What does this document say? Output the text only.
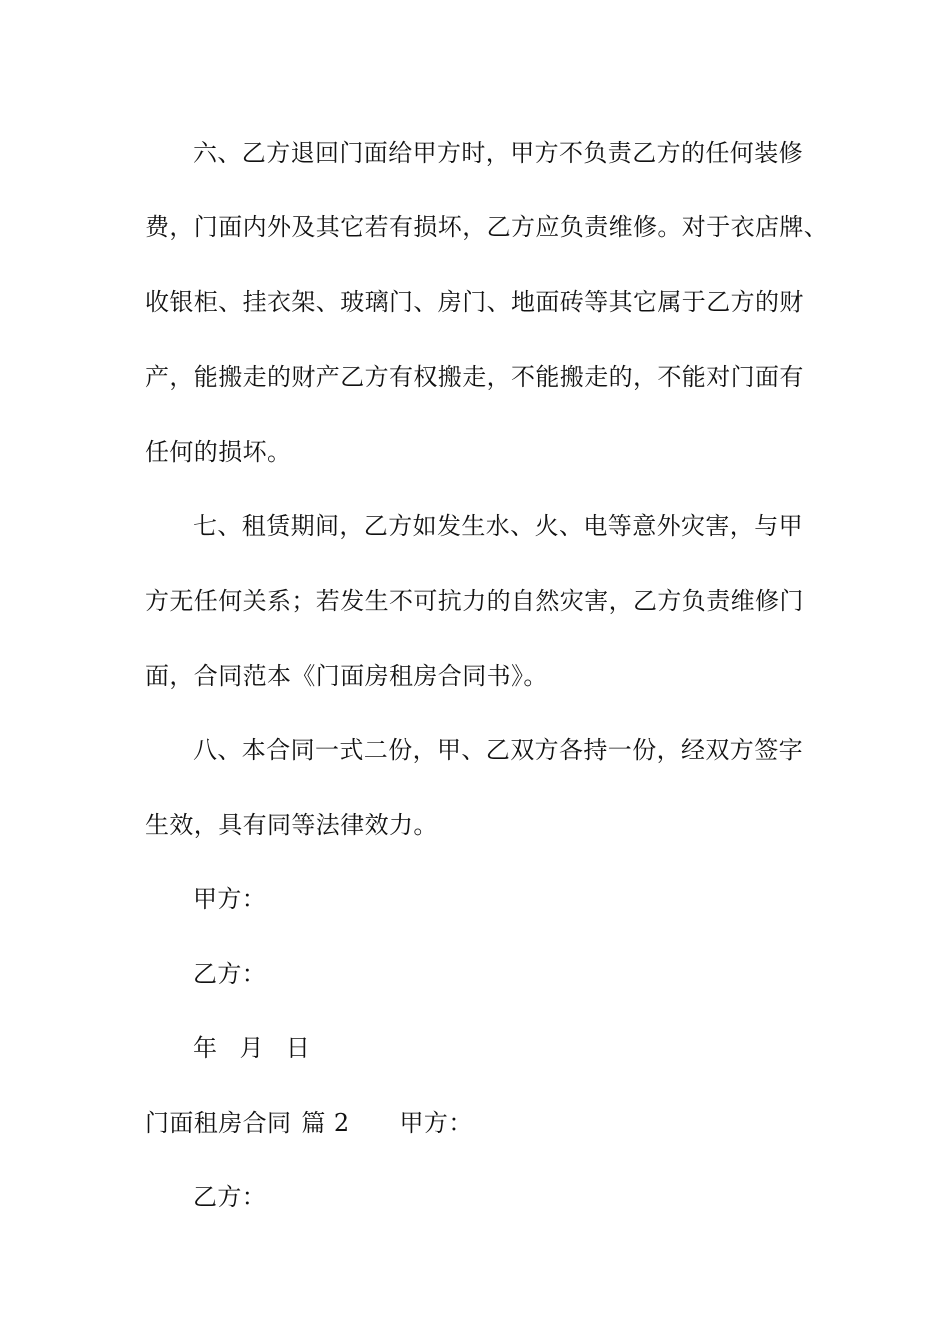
六、乙方退回门面给甲方时，甲方不负责乙方的任何装修
费，门面内外及其它若有损坏，乙方应负责维修。对于衣店牌、
收银柜、挂衣架、玻璃门、房门、地面砖等其它属于乙方的财
产，能搬走的财产乙方有权搬走，不能搬走的，不能对门面有
任何的损坏。
七、租赁期间，乙方如发生水、火、电等意外灾害，与甲
方无任何关系；若发生不可抗力的自然灾害，乙方负责维修门
面，合同范本《门面房租房合同书》。
八、本合同一式二份，甲、乙双方各持一份，经双方签字
生效，具有同等法律效力。
甲方：
乙方：
年 月 日
门面租房合同 篇 2 甲方：
乙方：
